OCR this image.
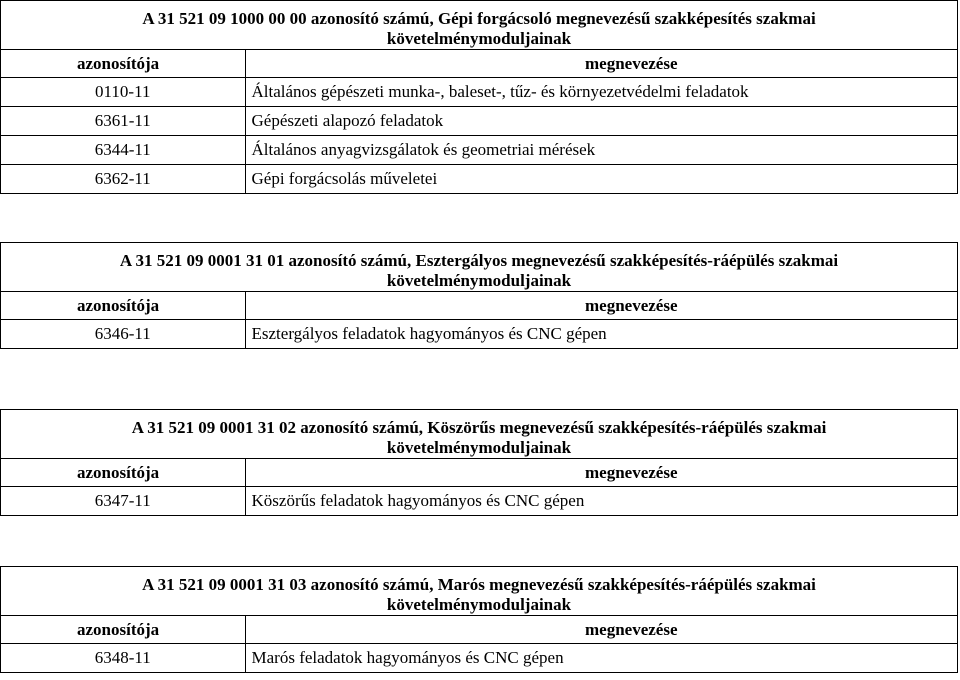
A 31 521 09 1000 00 00 azonosító számú, Gépi forgácsoló megnevezésű szakképesítés szakmai
követelménymoduljainak	
azonosítója	megnevezése
0110-11	Általános gépészeti munka-, baleset-, tűz- és környezetvédelmi feladatok
6361-11	Gépészeti alapozó feladatok
6344-11	Általános anyagvizsgálatok és geometriai mérések
6362-11	Gépi forgácsolás műveletei
A 31 521 09 0001 31 01 azonosító számú, Esztergályos megnevezésű szakképesítés-ráépülés szakmai
követelménymoduljainak	
azonosítója	megnevezése
6346-11	Esztergályos feladatok hagyományos és CNC gépen
A 31 521 09 0001 31 02 azonosító számú, Köszörűs megnevezésű szakképesítés-ráépülés szakmai
követelménymoduljainak	
azonosítója	megnevezése
6347-11	Köszörűs feladatok hagyományos és CNC gépen
A 31 521 09 0001 31 03 azonosító számú, Marós megnevezésű szakképesítés-ráépülés szakmai
követelménymoduljainak	
azonosítója	megnevezése
6348-11	Marós feladatok hagyományos és CNC gépen
